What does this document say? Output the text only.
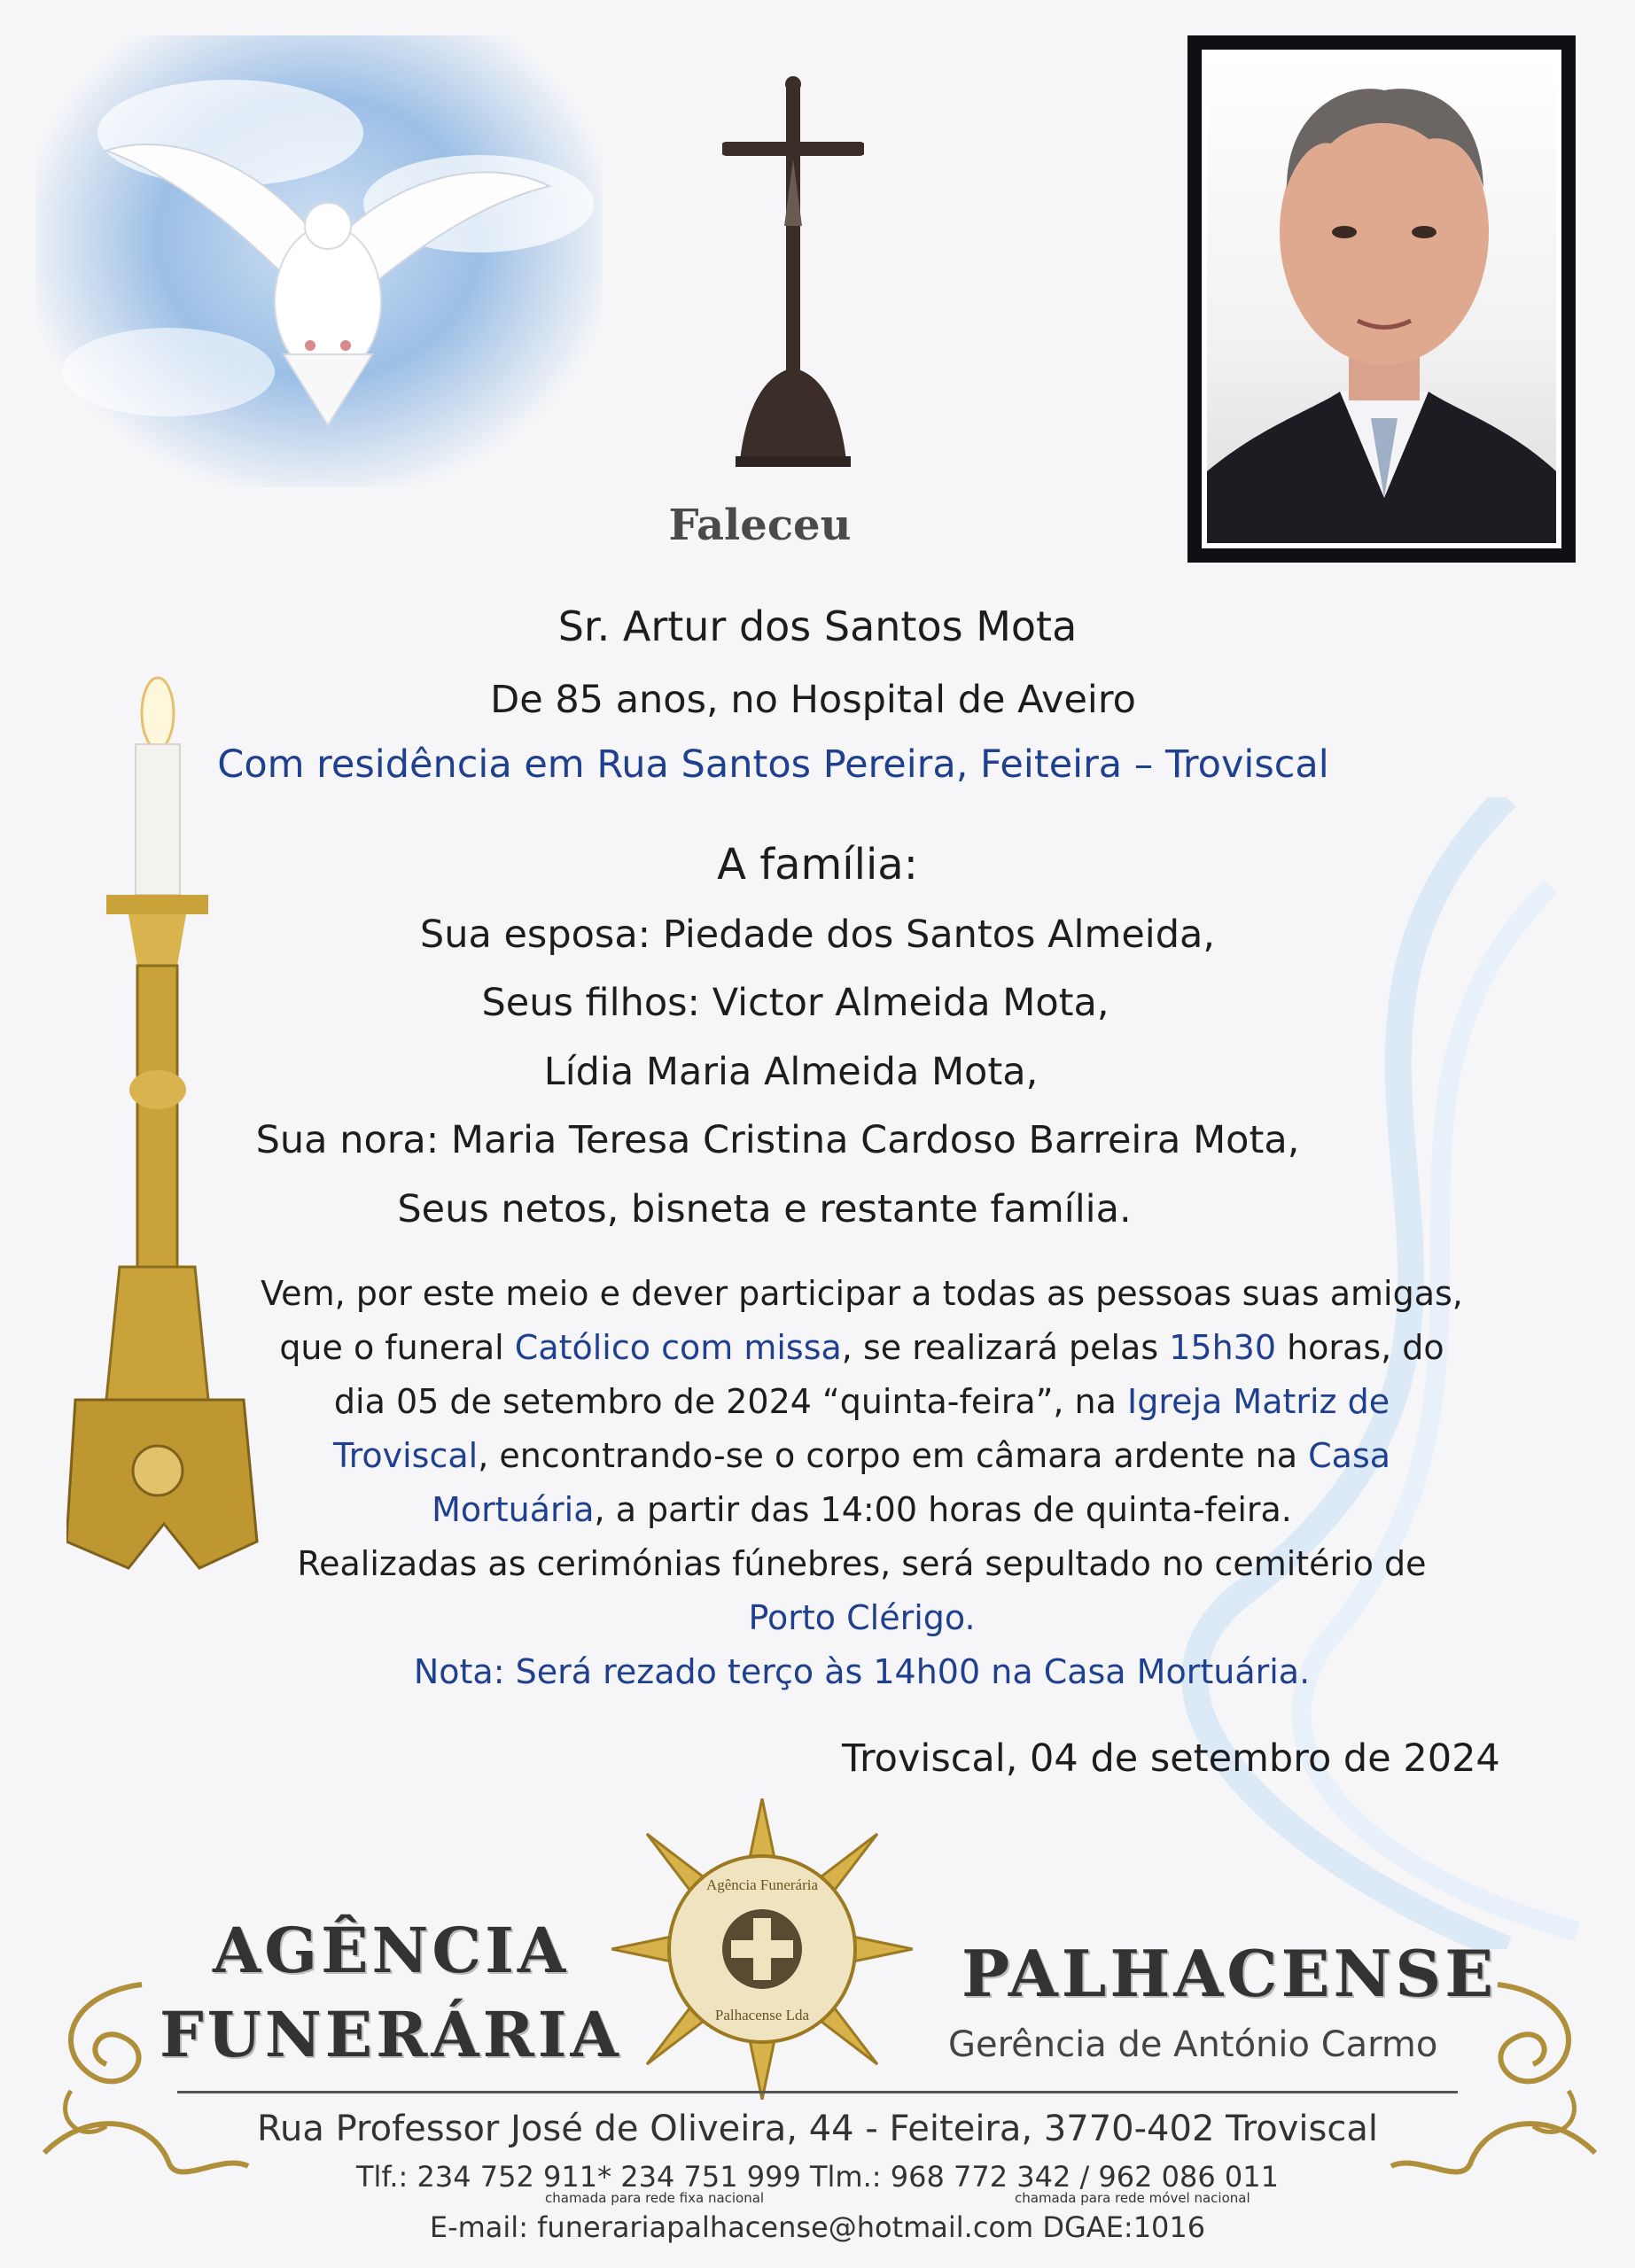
Faleceu
Sr. Artur dos Santos Mota
De 85 anos, no Hospital de Aveiro
Com residência em Rua Santos Pereira, Feiteira – Troviscal
A família:
Sua esposa: Piedade dos Santos Almeida,
Seus filhos: Victor Almeida Mota,
Lídia Maria Almeida Mota,
Sua nora: Maria Teresa Cristina Cardoso Barreira Mota,
Seus netos, bisneta e restante família.
Vem, por este meio e dever participar a todas as pessoas suas amigas,
que o funeral Católico com missa, se realizará pelas 15h30 horas, do
dia 05 de setembro de 2024 “quinta-feira”, na Igreja Matriz de
Troviscal, encontrando-se o corpo em câmara ardente na Casa
Mortuária, a partir das 14:00 horas de quinta-feira.
Realizadas as cerimónias fúnebres, será sepultado no cemitério de
Porto Clérigo.
Nota: Será rezado terço às 14h00 na Casa Mortuária.
Troviscal, 04 de setembro de 2024
AGÊNCIA
FUNERÁRIA
PALHACENSE
Gerência de António Carmo
Agência Funerária
Palhacense Lda
Rua Professor José de Oliveira, 44 - Feiteira, 3770-402 Troviscal
Tlf.: 234 752 911* 234 751 999 Tlm.: 968 772 342 / 962 086 011
chamada para rede fixa nacional	chamada para rede móvel nacional
E-mail: funerariapalhacense@hotmail.com DGAE:1016
